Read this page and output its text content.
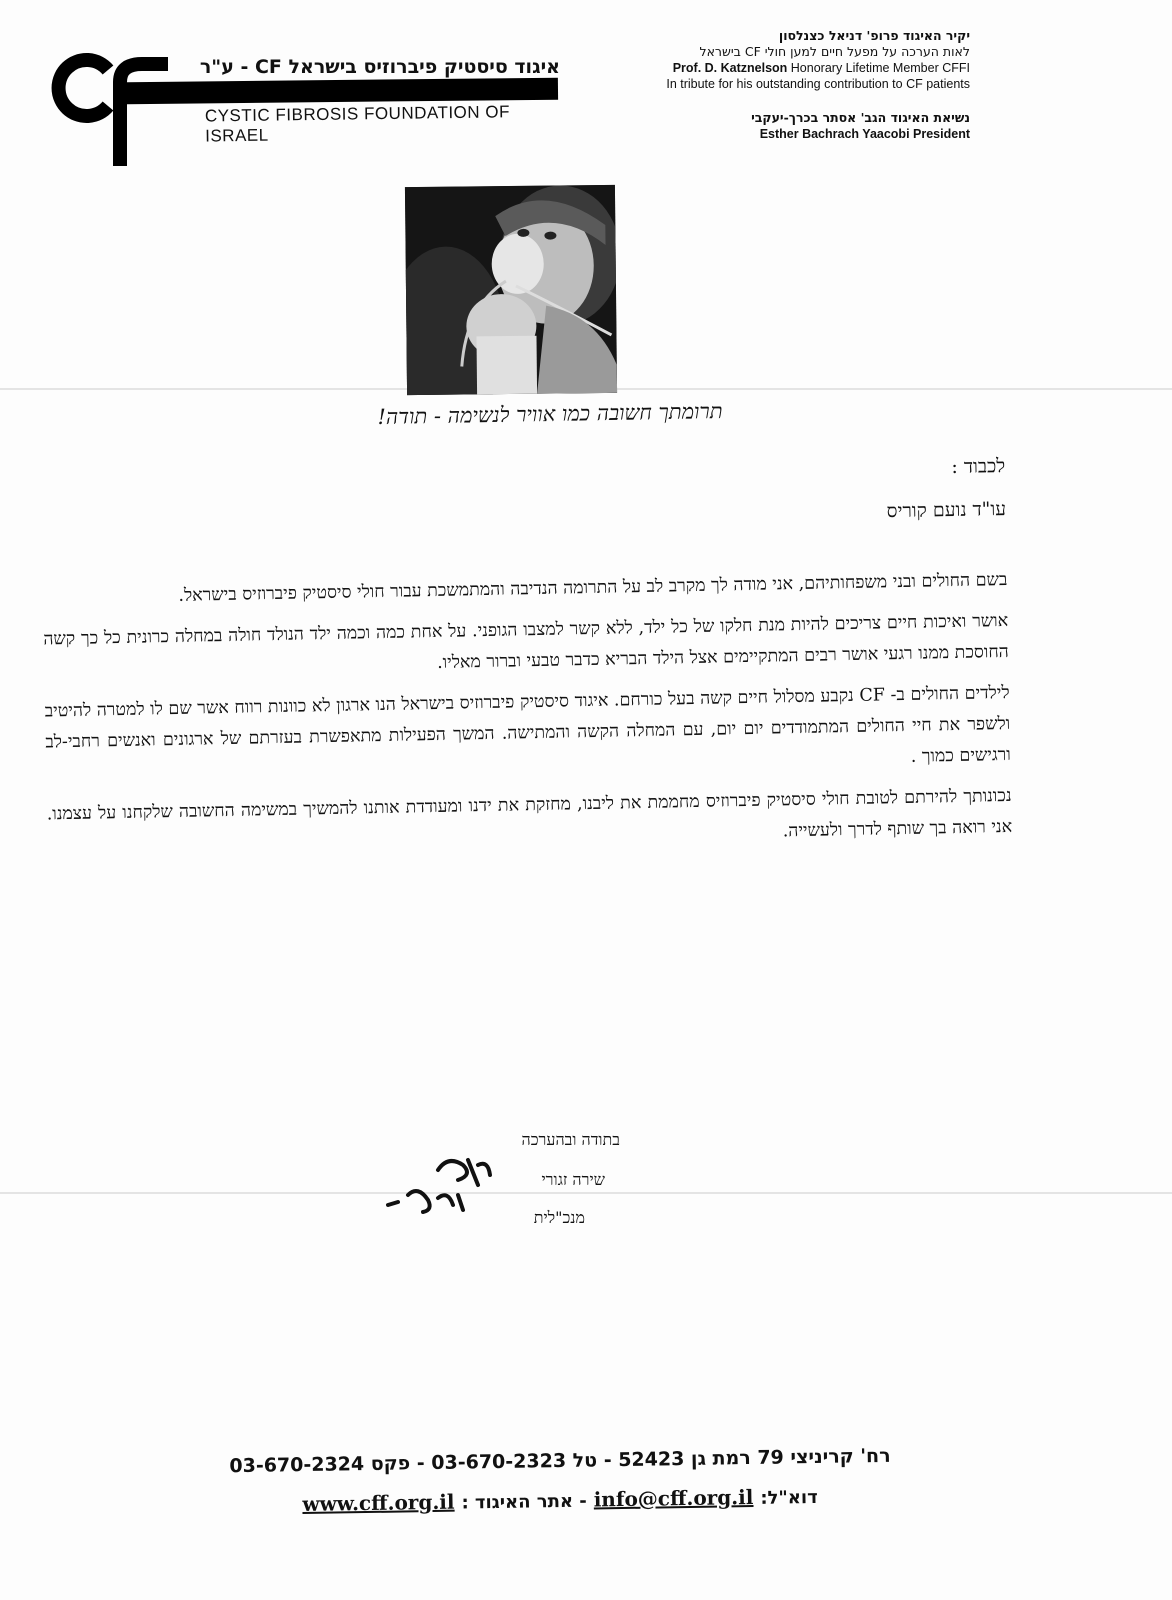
איגוד סיסטיק פיברוזיס בישראל CF - ע"ר
CYSTIC FIBROSIS FOUNDATION OF ISRAEL
יקיר האיגוד פרופ' דניאל כצנלסון
לאות הערכה על מפעל חיים למען חולי CF בישראל
Prof. D. Katznelson Honorary Lifetime Member CFFI
In tribute for his outstanding contribution to CF patients
נשיאת האיגוד הגב' אסתר בכרך-יעקבי
Esther Bachrach Yaacobi President
תרומתך חשובה כמו אוויר לנשימה - תודה!

לכבוד :

עו"ד נועם קוריס

בשם החולים ובני משפחותיהם, אני מודה לך מקרב לב על התרומה הנדיבה והמתמשכת עבור חולי סיסטיק פיברוזיס בישראל.

אושר ואיכות חיים צריכים להיות מנת חלקו של כל ילד, ללא קשר למצבו הגופני. על אחת כמה וכמה ילד הנולד חולה במחלה כרונית כל כך קשה החוסכת ממנו רגעי אושר רבים המתקיימים אצל הילד הבריא כדבר טבעי וברור מאליו.

לילדים החולים ב- CF נקבע מסלול חיים קשה בעל כורחם. איגוד סיסטיק פיברוזיס בישראל הנו ארגון לא כוונות רווח אשר שם לו למטרה להיטיב ולשפר את חיי החולים המתמודדים יום יום, עם המחלה הקשה והמתישה. המשך הפעילות מתאפשרת בעזרתם של ארגונים ואנשים רחבי-לב ורגישים כמוך .

נכונותך להירתם לטובת חולי סיסטיק פיברוזיס מחממת את ליבנו, מחזקת את ידנו ומעודדת אותנו להמשיך במשימה החשובה שלקחנו על עצמנו. אני רואה בך שותף לדרך ולעשייה.

בתודה ובהערכה

שירה זגורי

מנכ"לית

רח' קריניצי 79 רמת גן 52423 - טל 03-670-2323 - פקס 03-670-2324
דוא"ל: info@cff.org.il - אתר האיגוד : www.cff.org.il
